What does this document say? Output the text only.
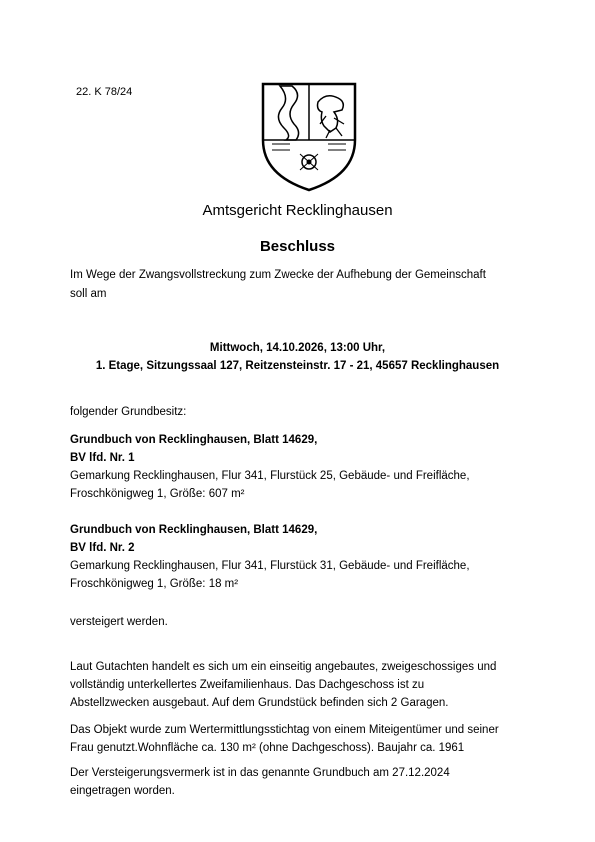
22. K 78/24
Amtsgericht Recklinghausen
Beschluss
Im Wege der Zwangsvollstreckung zum Zwecke der Aufhebung der Gemeinschaft
soll am
Mittwoch, 14.10.2026, 13:00 Uhr,
1. Etage, Sitzungssaal 127, Reitzensteinstr. 17 - 21, 45657 Recklinghausen
folgender Grundbesitz:
Grundbuch von Recklinghausen, Blatt 14629,
BV lfd. Nr. 1
Gemarkung Recklinghausen, Flur 341, Flurstück 25, Gebäude- und Freifläche,
Froschkönigweg 1, Größe: 607 m²
Grundbuch von Recklinghausen, Blatt 14629,
BV lfd. Nr. 2
Gemarkung Recklinghausen, Flur 341, Flurstück 31, Gebäude- und Freifläche,
Froschkönigweg 1, Größe: 18 m²
versteigert werden.
Laut Gutachten handelt es sich um ein einseitig angebautes, zweigeschossiges und
vollständig unterkellertes Zweifamilienhaus. Das Dachgeschoss ist zu
Abstellzwecken ausgebaut. Auf dem Grundstück befinden sich 2 Garagen.
Das Objekt wurde zum Wertermittlungsstichtag von einem Miteigentümer und seiner
Frau genutzt.Wohnfläche ca. 130 m² (ohne Dachgeschoss). Baujahr ca. 1961
Der Versteigerungsvermerk ist in das genannte Grundbuch am 27.12.2024
eingetragen worden.
